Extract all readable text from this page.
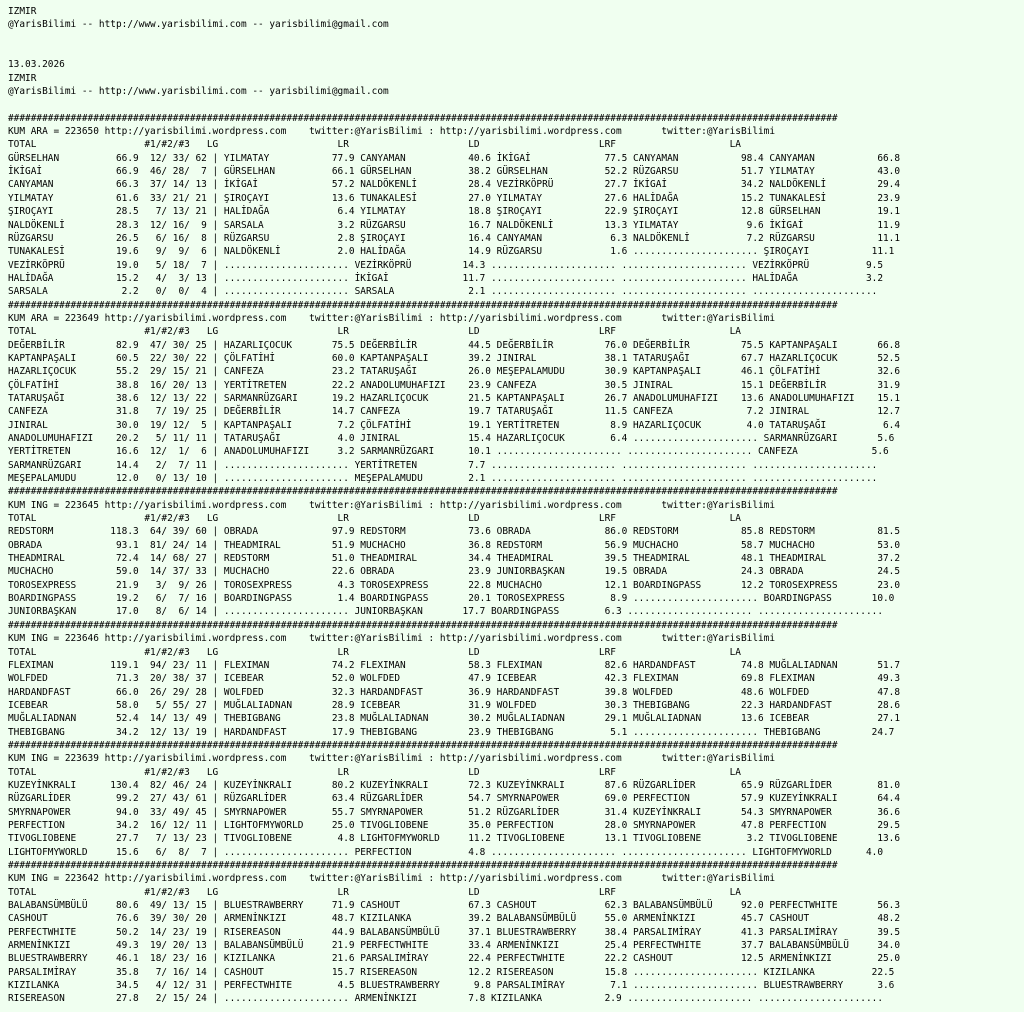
IZMIR
@YarisBilimi -- http://www.yarisbilimi.com -- yarisbilimi@gmail.com

13.03.2026
IZMIR
@YarisBilimi -- http://www.yarisbilimi.com -- yarisbilimi@gmail.com

##################################################################################################################################################
KUM ARA = 223650 http://yarisbilimi.wordpress.com    twitter:@YarisBilimi : http://yarisbilimi.wordpress.com       twitter:@YarisBilimi
TOTAL                   #1/#2/#3   LG                     LR                     LD                     LRF                    LA
GÜRSELHAN          66.9  12/ 33/ 62 | YILMATAY           77.9 CANYAMAN           40.6 İKİGAİ             77.5 CANYAMAN           98.4 CANYAMAN           66.8
İKİGAİ             66.9  46/ 28/  7 | GÜRSELHAN          66.1 GÜRSELHAN          38.2 GÜRSELHAN          52.2 RÜZGARSU           51.7 YILMATAY           43.0
CANYAMAN           66.3  37/ 14/ 13 | İKİGAİ             57.2 NALDÖKENLİ         28.4 VEZİRKÖPRÜ         27.7 İKİGAİ             34.2 NALDÖKENLİ         29.4
YILMATAY           61.6  33/ 21/ 21 | ŞIROÇAYI           13.6 TUNAKALESİ         27.0 YILMATAY           27.6 HALİDAĞA           15.2 TUNAKALESİ         23.9
ŞIROÇAYI           28.5   7/ 13/ 21 | HALİDAĞA            6.4 YILMATAY           18.8 ŞIROÇAYI           22.9 ŞIROÇAYI           12.8 GÜRSELHAN          19.1
NALDÖKENLİ         28.3  12/ 16/  9 | SARSALA             3.2 RÜZGARSU           16.7 NALDÖKENLİ         13.3 YILMATAY            9.6 İKİGAİ             11.9
RÜZGARSU           26.5   6/ 16/  8 | RÜZGARSU            2.8 ŞIROÇAYI           16.4 CANYAMAN            6.3 NALDÖKENLİ          7.2 RÜZGARSU           11.1
TUNAKALESİ         19.6   9/  9/  6 | NALDÖKENLİ          2.0 HALİDAĞA           14.9 RÜZGARSU            1.6 ...................... ŞIROÇAYI           11.1
VEZİRKÖPRÜ         19.0   5/ 18/  7 | ...................... VEZİRKÖPRÜ         14.3 ...................... ...................... VEZİRKÖPRÜ          9.5
HALİDAĞA           15.2   4/  3/ 13 | ...................... İKİGAİ             11.7 ...................... ...................... HALİDAĞA            3.2
SARSALA             2.2   0/  0/  4 | ...................... SARSALA             2.1 ...................... ...................... ......................
##################################################################################################################################################
KUM ARA = 223649 http://yarisbilimi.wordpress.com    twitter:@YarisBilimi : http://yarisbilimi.wordpress.com       twitter:@YarisBilimi
TOTAL                   #1/#2/#3   LG                     LR                     LD                     LRF                    LA
DEĞERBİLİR         82.9  47/ 30/ 25 | HAZARLIÇOCUK       75.5 DEĞERBİLİR         44.5 DEĞERBİLİR         76.0 DEĞERBİLİR         75.5 KAPTANPAŞALI       66.8
KAPTANPAŞALI       60.5  22/ 30/ 22 | ÇÖLFATİHİ          60.0 KAPTANPAŞALI       39.2 JINIRAL            38.1 TATARUŞAĞI         67.7 HAZARLIÇOCUK       52.5
HAZARLIÇOCUK       55.2  29/ 15/ 21 | CANFEZA            23.2 TATARUŞAĞI         26.0 MEŞEPALAMUDU       30.9 KAPTANPAŞALI       46.1 ÇÖLFATİHİ          32.6
ÇÖLFATİHİ          38.8  16/ 20/ 13 | YERTİTRETEN        22.2 ANADOLUMUHAFIZI    23.9 CANFEZA            30.5 JINIRAL            15.1 DEĞERBİLİR         31.9
TATARUŞAĞI         38.6  12/ 13/ 22 | SARMANRÜZGARI      19.2 HAZARLIÇOCUK       21.5 KAPTANPAŞALI       26.7 ANADOLUMUHAFIZI    13.6 ANADOLUMUHAFIZI    15.1
CANFEZA            31.8   7/ 19/ 25 | DEĞERBİLİR         14.7 CANFEZA            19.7 TATARUŞAĞI         11.5 CANFEZA             7.2 JINIRAL            12.7
JINIRAL            30.0  19/ 12/  5 | KAPTANPAŞALI        7.2 ÇÖLFATİHİ          19.1 YERTİTRETEN         8.9 HAZARLIÇOCUK        4.0 TATARUŞAĞI          6.4
ANADOLUMUHAFIZI    20.2   5/ 11/ 11 | TATARUŞAĞI          4.0 JINIRAL            15.4 HAZARLIÇOCUK        6.4 ...................... SARMANRÜZGARI       5.6
YERTİTRETEN        16.6  12/  1/  6 | ANADOLUMUHAFIZI     3.2 SARMANRÜZGARI      10.1 ...................... ...................... CANFEZA             5.6
SARMANRÜZGARI      14.4   2/  7/ 11 | ...................... YERTİTRETEN         7.7 ...................... ...................... ......................
MEŞEPALAMUDU       12.0   0/ 13/ 10 | ...................... MEŞEPALAMUDU        2.1 ...................... ...................... ......................
##################################################################################################################################################
KUM ING = 223645 http://yarisbilimi.wordpress.com    twitter:@YarisBilimi : http://yarisbilimi.wordpress.com       twitter:@YarisBilimi
TOTAL                   #1/#2/#3   LG                     LR                     LD                     LRF                    LA
REDSTORM          118.3  64/ 39/ 60 | OBRADA             97.9 REDSTORM           73.6 OBRADA             86.0 REDSTORM           85.8 REDSTORM           81.5
OBRADA             93.1  81/ 24/ 14 | THEADMIRAL         51.9 MUCHACHO           36.8 REDSTORM           56.9 MUCHACHO           58.7 MUCHACHO           53.0
THEADMIRAL         72.4  14/ 68/ 27 | REDSTORM           51.0 THEADMIRAL         34.4 THEADMIRAL         39.5 THEADMIRAL         48.1 THEADMIRAL         37.2
MUCHACHO           59.0  14/ 37/ 33 | MUCHACHO           22.6 OBRADA             23.9 JUNIORBAŞKAN       19.5 OBRADA             24.3 OBRADA             24.5
TOROSEXPRESS       21.9   3/  9/ 26 | TOROSEXPRESS        4.3 TOROSEXPRESS       22.8 MUCHACHO           12.1 BOARDINGPASS       12.2 TOROSEXPRESS       23.0
BOARDINGPASS       19.2   6/  7/ 16 | BOARDINGPASS        1.4 BOARDINGPASS       20.1 TOROSEXPRESS        8.9 ...................... BOARDINGPASS       10.0
JUNIORBAŞKAN       17.0   8/  6/ 14 | ...................... JUNIORBAŞKAN       17.7 BOARDINGPASS        6.3 ...................... ......................
##################################################################################################################################################
KUM ING = 223646 http://yarisbilimi.wordpress.com    twitter:@YarisBilimi : http://yarisbilimi.wordpress.com       twitter:@YarisBilimi
TOTAL                   #1/#2/#3   LG                     LR                     LD                     LRF                    LA
FLEXIMAN          119.1  94/ 23/ 11 | FLEXIMAN           74.2 FLEXIMAN           58.3 FLEXIMAN           82.6 HARDANDFAST        74.8 MUĞLALIADNAN       51.7
WOLFDED            71.3  20/ 38/ 37 | ICEBEAR            52.0 WOLFDED            47.9 ICEBEAR            42.3 FLEXIMAN           69.8 FLEXIMAN           49.3
HARDANDFAST        66.0  26/ 29/ 28 | WOLFDED            32.3 HARDANDFAST        36.9 HARDANDFAST        39.8 WOLFDED            48.6 WOLFDED            47.8
ICEBEAR            58.0   5/ 55/ 27 | MUĞLALIADNAN       28.9 ICEBEAR            31.9 WOLFDED            30.3 THEBIGBANG         22.3 HARDANDFAST        28.6
MUĞLALIADNAN       52.4  14/ 13/ 49 | THEBIGBANG         23.8 MUĞLALIADNAN       30.2 MUĞLALIADNAN       29.1 MUĞLALIADNAN       13.6 ICEBEAR            27.1
THEBIGBANG         34.2  12/ 13/ 19 | HARDANDFAST        17.9 THEBIGBANG         23.9 THEBIGBANG          5.1 ...................... THEBIGBANG         24.7
##################################################################################################################################################
KUM ING = 223639 http://yarisbilimi.wordpress.com    twitter:@YarisBilimi : http://yarisbilimi.wordpress.com       twitter:@YarisBilimi
TOTAL                   #1/#2/#3   LG                     LR                     LD                     LRF                    LA
KUZEYİNKRALI      130.4  82/ 46/ 24 | KUZEYİNKRALI       80.2 KUZEYİNKRALI       72.3 KUZEYİNKRALI       87.6 RÜZGARLİDER        65.9 RÜZGARLİDER        81.0
RÜZGARLİDER        99.2  27/ 43/ 61 | RÜZGARLİDER        63.4 RÜZGARLİDER        54.7 SMYRNAPOWER        69.0 PERFECTION         57.9 KUZEYİNKRALI       64.4
SMYRNAPOWER        94.0  33/ 49/ 45 | SMYRNAPOWER        55.7 SMYRNAPOWER        51.2 RÜZGARLİDER        31.4 KUZEYİNKRALI       54.3 SMYRNAPOWER        36.6
PERFECTION         34.2  16/ 12/ 11 | LIGHTOFMYWORLD     25.0 TIVOGLIOBENE       35.0 PERFECTION         28.0 SMYRNAPOWER        47.8 PERFECTION         29.5
TIVOGLIOBENE       27.7   7/ 13/ 23 | TIVOGLIOBENE        4.8 LIGHTOFMYWORLD     11.2 TIVOGLIOBENE       13.1 TIVOGLIOBENE        3.2 TIVOGLIOBENE       13.6
LIGHTOFMYWORLD     15.6   6/  8/  7 | ...................... PERFECTION          4.8 ...................... ...................... LIGHTOFMYWORLD      4.0
##################################################################################################################################################
KUM ING = 223642 http://yarisbilimi.wordpress.com    twitter:@YarisBilimi : http://yarisbilimi.wordpress.com       twitter:@YarisBilimi
TOTAL                   #1/#2/#3   LG                     LR                     LD                     LRF                    LA
BALABANSÜMBÜLÜ     80.6  49/ 13/ 15 | BLUESTRAWBERRY     71.9 CASHOUT            67.3 CASHOUT            62.3 BALABANSÜMBÜLÜ     92.0 PERFECTWHITE       56.3
CASHOUT            76.6  39/ 30/ 20 | ARMENİNKIZI        48.7 KIZILANKA          39.2 BALABANSÜMBÜLÜ     55.0 ARMENİNKIZI        45.7 CASHOUT            48.2
PERFECTWHITE       50.2  14/ 23/ 19 | RISEREASON         44.9 BALABANSÜMBÜLÜ     37.1 BLUESTRAWBERRY     38.4 PARSALIMİRAY       41.3 PARSALIMİRAY       39.5
ARMENİNKIZI        49.3  19/ 20/ 13 | BALABANSÜMBÜLÜ     21.9 PERFECTWHITE       33.4 ARMENİNKIZI        25.4 PERFECTWHITE       37.7 BALABANSÜMBÜLÜ     34.0
BLUESTRAWBERRY     46.1  18/ 23/ 16 | KIZILANKA          21.6 PARSALIMİRAY       22.4 PERFECTWHITE       22.2 CASHOUT            12.5 ARMENİNKIZI        25.0
PARSALIMİRAY       35.8   7/ 16/ 14 | CASHOUT            15.7 RISEREASON         12.2 RISEREASON         15.8 ...................... KIZILANKA          22.5
KIZILANKA          34.5   4/ 12/ 31 | PERFECTWHITE        4.5 BLUESTRAWBERRY      9.8 PARSALIMİRAY        7.1 ...................... BLUESTRAWBERRY      3.6
RISEREASON         27.8   2/ 15/ 24 | ...................... ARMENİNKIZI         7.8 KIZILANKA           2.9 ...................... ......................
